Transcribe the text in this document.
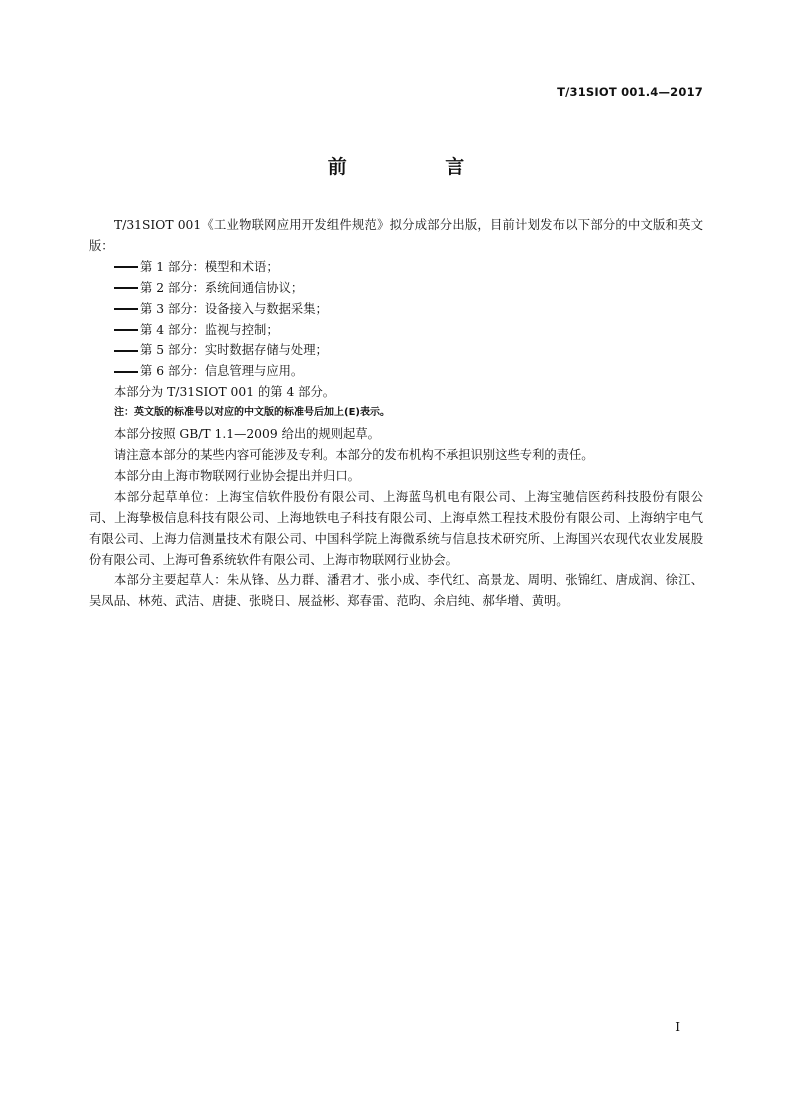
T/31SIOT 001.4—2017
前 言

T/31SIOT 001《工业物联网应用开发组件规范》拟分成部分出版，目前计划发布以下部分的中文版和英文版：

第 1 部分：模型和术语；

第 2 部分：系统间通信协议；

第 3 部分：设备接入与数据采集；

第 4 部分：监视与控制；

第 5 部分：实时数据存储与处理；

第 6 部分：信息管理与应用。

本部分为 T/31SIOT 001 的第 4 部分。

注：英文版的标准号以对应的中文版的标准号后加上(E)表示。

本部分按照 GB/T 1.1—2009 给出的规则起草。

请注意本部分的某些内容可能涉及专利。本部分的发布机构不承担识别这些专利的责任。

本部分由上海市物联网行业协会提出并归口。

本部分起草单位：上海宝信软件股份有限公司、上海蓝鸟机电有限公司、上海宝驰信医药科技股份有限公司、上海挚极信息科技有限公司、上海地铁电子科技有限公司、上海卓然工程技术股份有限公司、上海纳宇电气有限公司、上海力信测量技术有限公司、中国科学院上海微系统与信息技术研究所、上海国兴农现代农业发展股份有限公司、上海可鲁系统软件有限公司、上海市物联网行业协会。

本部分主要起草人：朱从锋、丛力群、潘君才、张小成、李代红、高景龙、周明、张锦红、唐成润、徐江、吴凤品、林苑、武洁、唐捷、张晓日、展益彬、郑春雷、范昀、余启纯、郝华增、黄明。

I
